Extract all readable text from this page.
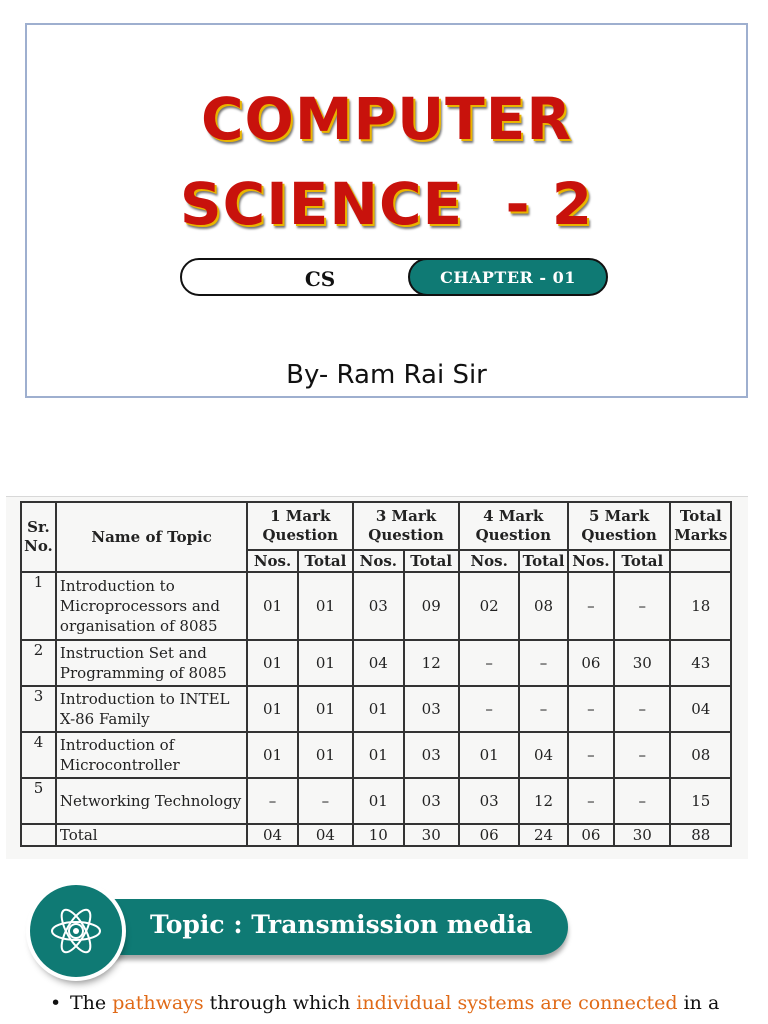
COMPUTER
SCIENCE  - 2
CS	CHAPTER - 01
By- Ram Rai Sir
Sr. No.	Name of Topic	1 Mark Question		3 Mark Question		4 Mark Question		5 Mark Question		Total Marks
		Nos.	Total	Nos.	Total	Nos.	Total	Nos.	Total	
1	Introduction to Microprocessors and organisation of 8085	01	01	03	09	02	08	–	–	18
2	Instruction Set and Programming of 8085	01	01	04	12	–	–	06	30	43
3	Introduction to INTEL X-86 Family	01	01	01	03	–	–	–	–	04
4	Introduction of Microcontroller	01	01	01	03	01	04	–	–	08
5	Networking Technology	–	–	01	03	03	12	–	–	15
	Total	04	04	10	30	06	24	06	30	88
Topic : Transmission media
• The pathways through which individual systems are connected in a
